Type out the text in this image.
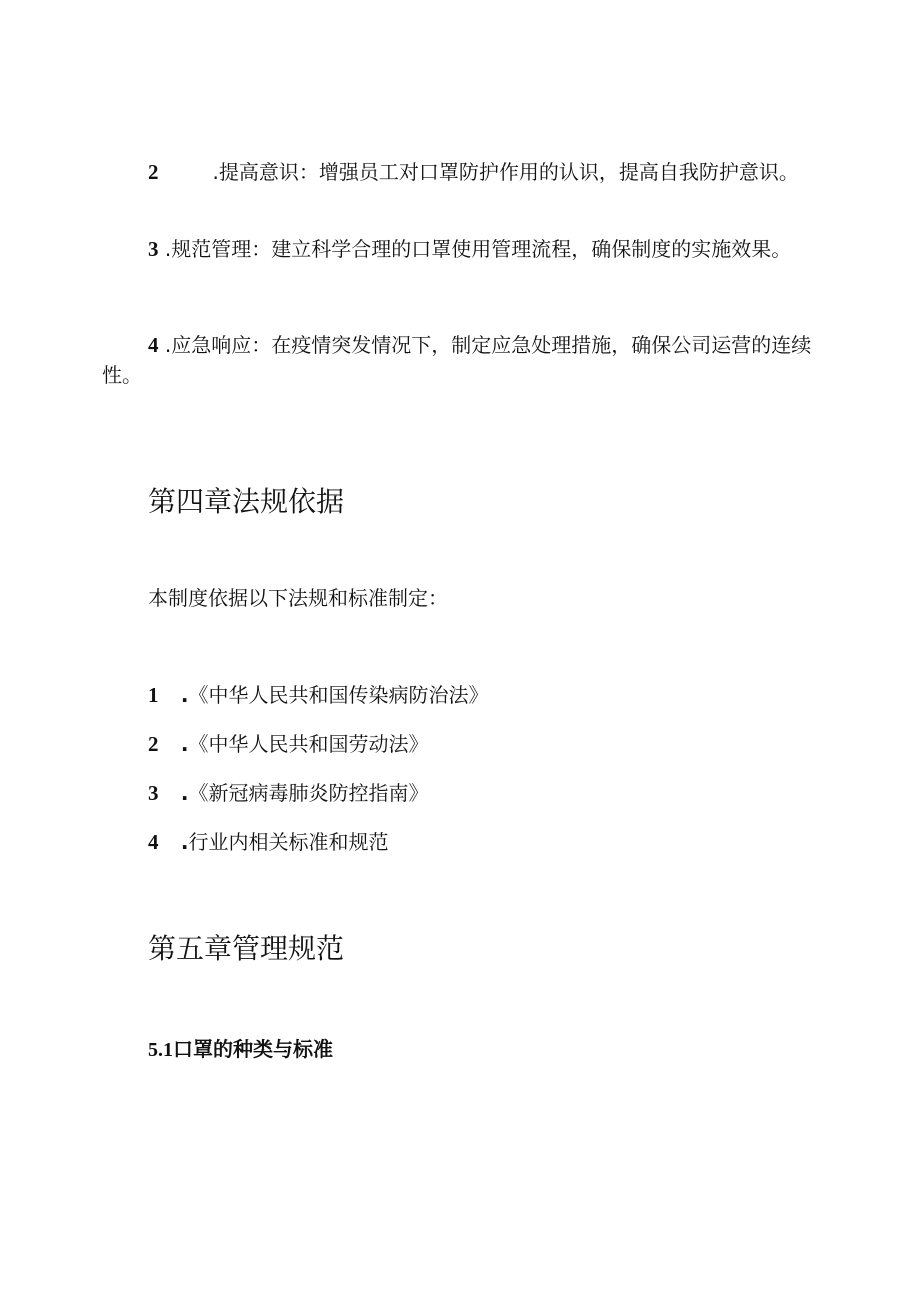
2	.提高意识：增强员工对口罩防护作用的认识，提高自我防护意识。

3 .规范管理：建立科学合理的口罩使用管理流程，确保制度的实施效果。

4 .应急响应：在疫情突发情况下，制定应急处理措施，确保公司运营的连续性。

第四章法规依据

本制度依据以下法规和标准制定：

1 .《中华人民共和国传染病防治法》

2 .《中华人民共和国劳动法》

3 .《新冠病毒肺炎防控指南》

4 .行业内相关标准和规范

第五章管理规范

5.1口罩的种类与标准
